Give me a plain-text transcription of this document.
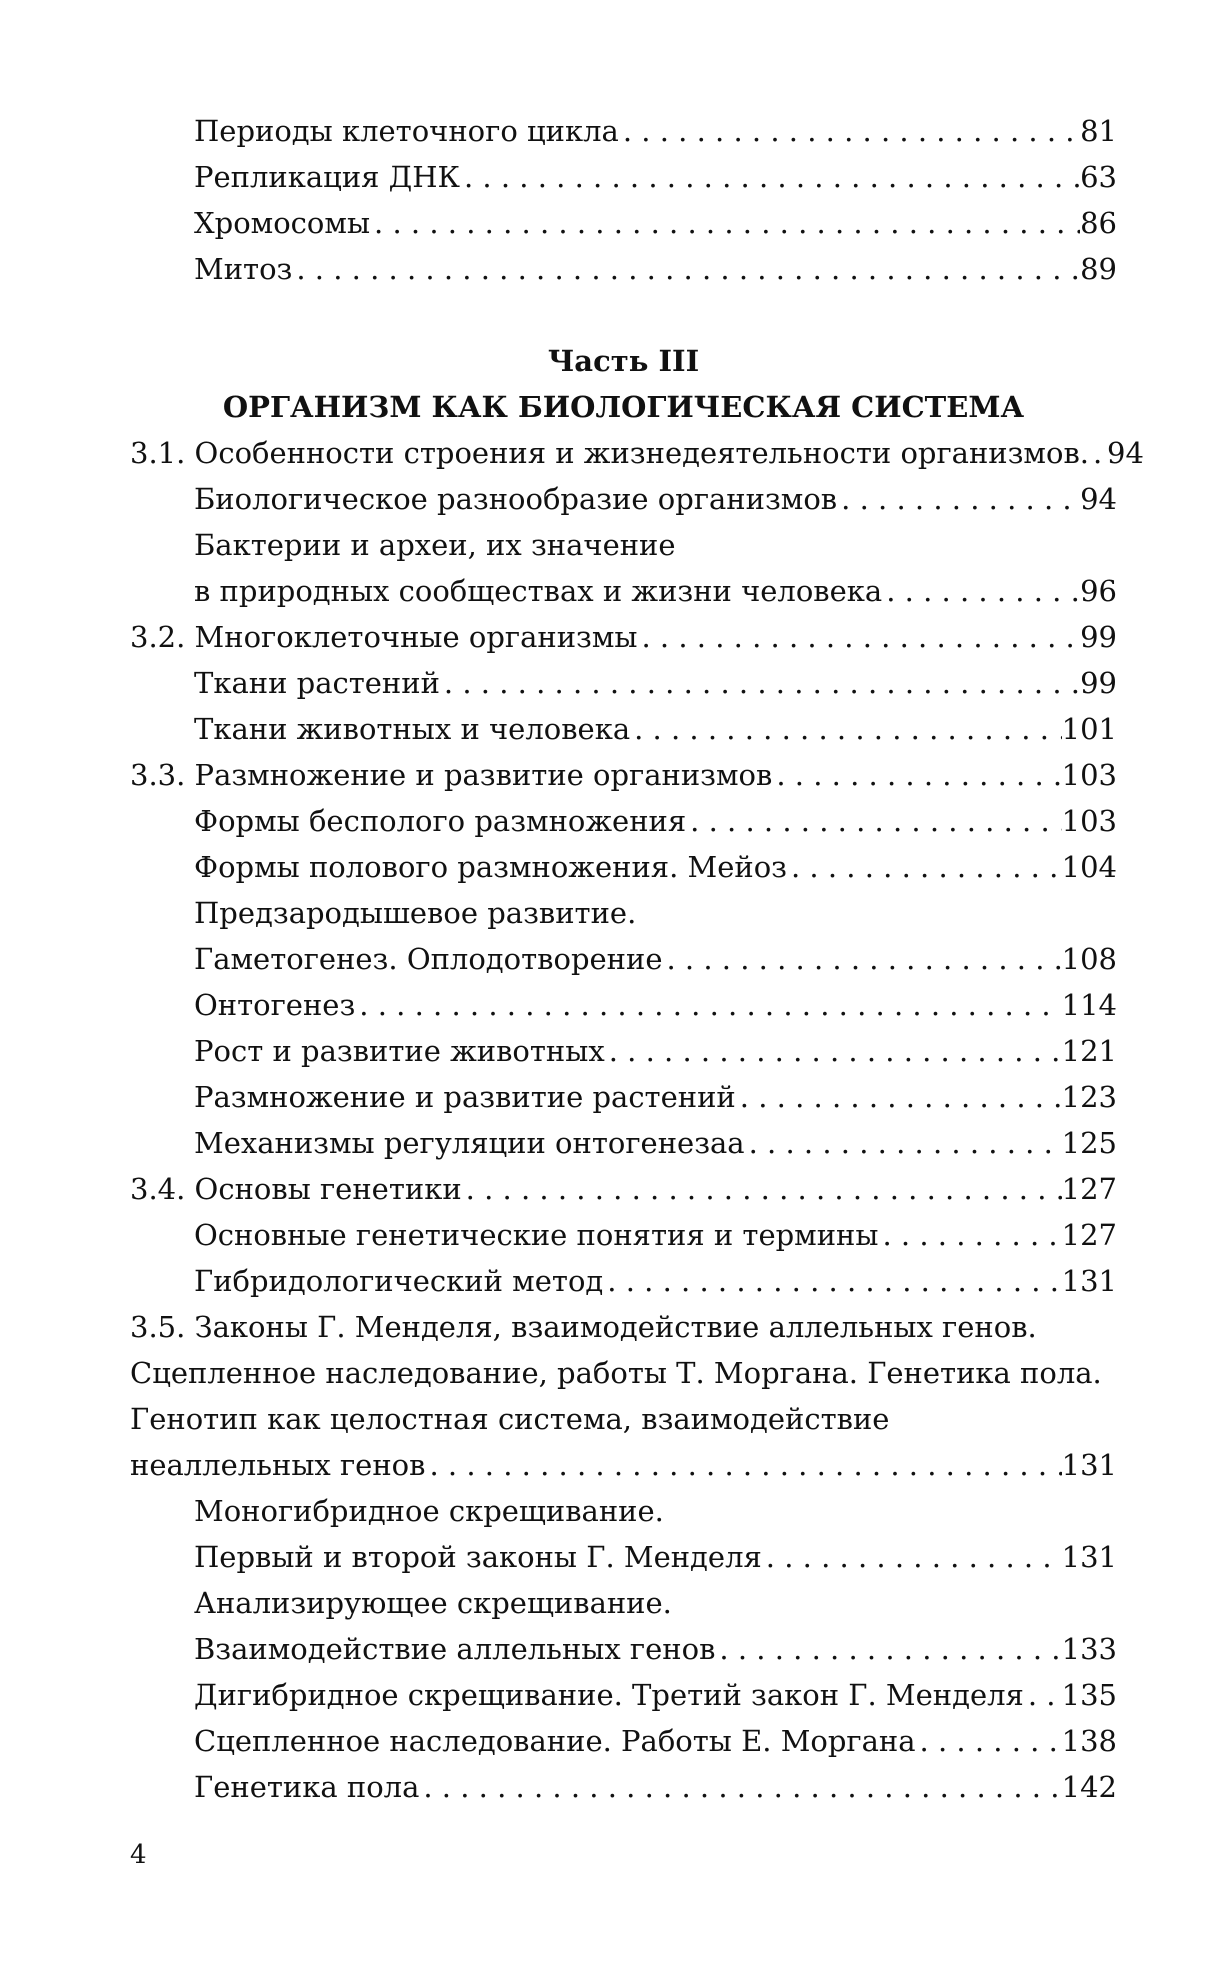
Периоды клеточного цикла . . .	81
Репликация ДНК . . .	63
Хромосомы . . .	86
Митоз . . .	89
Часть III
ОРГАНИЗМ КАК БИОЛОГИЧЕСКАЯ СИСТЕМА
3.1. Особенности строения и жизнедеятельности организмов. . . . 94
Биологическое разнообразие организмов . . .	94
Бактерии и археи, их значение
в природных сообществах и жизни человека . . .	96
3.2. Многоклеточные организмы . . .	99
Ткани растений . . .	99
Ткани животных и человека . . .	101
3.3. Размножение и развитие организмов . . .	103
Формы бесполого размножения . . .	103
Формы полового размножения. Мейоз . . .	104
Предзародышевое развитие.
Гаметогенез. Оплодотворение . . .	108
Онтогенез . . .	114
Рост и развитие животных . . .	121
Размножение и развитие растений . . .	123
Механизмы регуляции онтогенезаа . . .	125
3.4. Основы генетики . . .	127
Основные генетические понятия и термины . . .	127
Гибридологический метод . . .	131
3.5. Законы Г. Менделя, взаимодействие аллельных генов.
Сцепленное наследование, работы Т. Моргана. Генетика пола.
Генотип как целостная система, взаимодействие
неаллельных генов . . .	131
Моногибридное скрещивание.
Первый и второй законы Г. Менделя . . .	131
Анализирующее скрещивание.
Взаимодействие аллельных генов . . .	133
Дигибридное скрещивание. Третий закон Г. Менделя . . . 135
Сцепленное наследование. Работы Е. Моргана . . .	138
Генетика пола . . .	142
4
